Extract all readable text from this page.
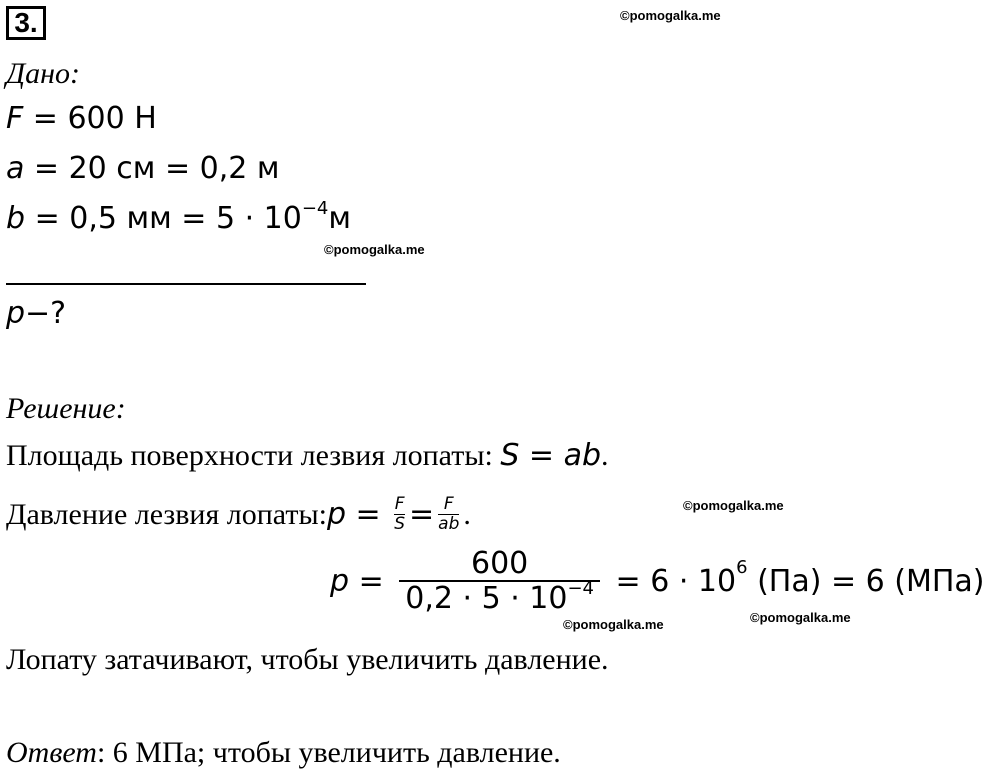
3.	©pomogalka.me
©pomogalka.me
©pomogalka.me
©pomogalka.me	©pomogalka.me
Дано:
F = 600 Н
a = 20 см = 0,2 м
b = 0,5 мм = $5 \cdot 10^{-4}м$
p−?
Решение:
Площадь поверхности лезвия лопаты: S = ab.
Давление лезвия лопаты: $p = \frac{F}{S} = \frac{F}{ab}$ .
$p = \frac{600}{0,2 \cdot 5 \cdot 10^{-4}} = 6 \cdot 10$ 6 (Па) = 6 (МПа)
Лопату затачивают, чтобы увеличить давление.
Ответ: 6 МПа; чтобы увеличить давление.
